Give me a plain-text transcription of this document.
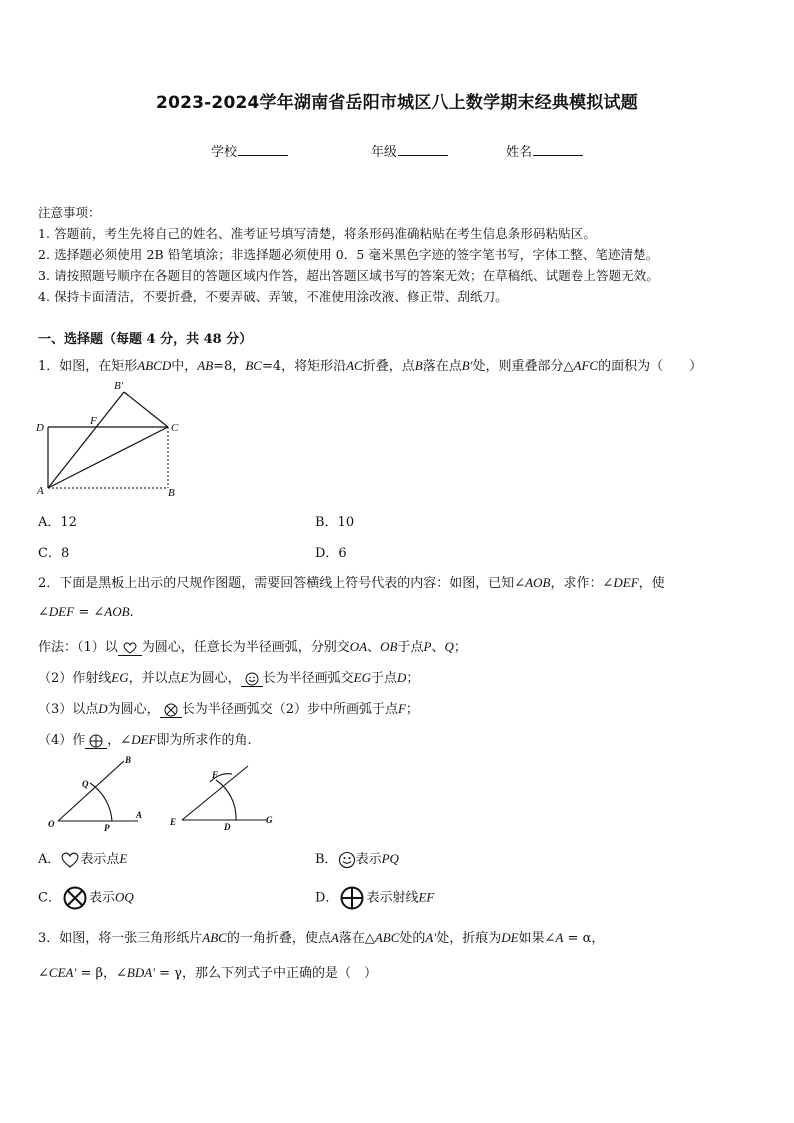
2023-2024学年湖南省岳阳市城区八上数学期末经典模拟试题
学校	年级	姓名
注意事项：
1. 答题前，考生先将自己的姓名、准考证号填写清楚，将条形码准确粘贴在考生信息条形码粘贴区。
2. 选择题必须使用 2B 铅笔填涂；非选择题必须使用 0．5 毫米黑色字迹的签字笔书写，字体工整、笔迹清楚。
3. 请按照题号顺序在各题目的答题区域内作答，超出答题区域书写的答案无效；在草稿纸、试题卷上答题无效。
4. 保持卡面清洁，不要折叠，不要弄破、弄皱，不准使用涂改液、修正带、刮纸刀。
一、选择题（每题 4 分，共 48 分）
1．如图，在矩形ABCD中，AB=8，BC=4，将矩形沿AC折叠，点B落在点B′处，则重叠部分△AFC的面积为（　　）
B'
D
F
C
A	B
A．12	B．10
C．8	D．6
2．下面是黑板上出示的尺规作图题，需要回答横线上符号代表的内容：如图，已知∠AOB，求作：∠DEF，使
∠DEF = ∠AOB.
作法：（1）以 为圆心，任意长为半径画弧，分别交OA、OB于点P、Q；
（2）作射线EG，并以点E为圆心， 长为半径画弧交EG于点D；
（3）以点D为圆心， 长为半径画弧交（2）步中所画弧于点F；
（4）作 ，∠DEF即为所求作的角.
B
Q
O	P
A
F
E	D
G
A． 表示点E	B． 表示PQ
C． 表示OQ	D． 表示射线EF
3．如图，将一张三角形纸片ABC的一角折叠，使点A落在△ABC处的A′处，折痕为DE如果∠A = α，
∠CEA′ = β，∠BDA′ = γ，那么下列式子中正确的是（　）
